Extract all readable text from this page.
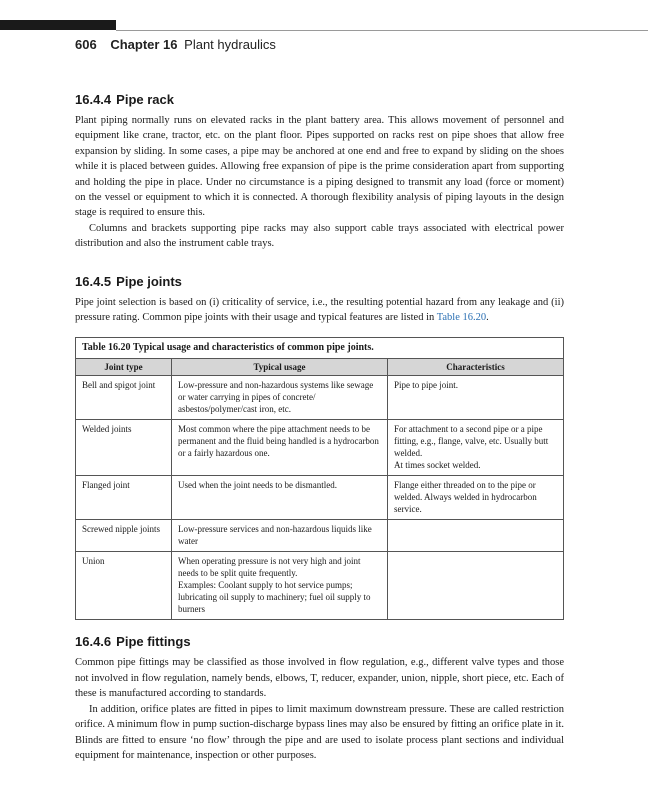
606 Chapter 16 Plant hydraulics
16.4.4 Pipe rack

Plant piping normally runs on elevated racks in the plant battery area. This allows movement of personnel and equipment like crane, tractor, etc. on the plant floor. Pipes supported on racks rest on pipe shoes that allow free expansion by sliding. In some cases, a pipe may be anchored at one end and free to expand by sliding on the shoes while it is placed between guides. Allowing free expansion of pipe is the prime consideration apart from supporting and holding the pipe in place. Under no circumstance is a piping designed to transmit any load (force or moment) on the vessel or equipment to which it is connected. A thorough flexibility analysis of piping layouts in the design stage is required to ensure this.

Columns and brackets supporting pipe racks may also support cable trays associated with electrical power distribution and also the instrument cable trays.

16.4.5 Pipe joints

Pipe joint selection is based on (i) criticality of service, i.e., the resulting potential hazard from any leakage and (ii) pressure rating. Common pipe joints with their usage and typical features are listed in Table 16.20.

Table 16.20 Typical usage and characteristics of common pipe joints.
Joint type	Typical usage	Characteristics
Bell and spigot joint	Low-pressure and non-hazardous systems like sewage or water carrying in pipes of concrete/ asbestos/polymer/cast iron, etc.	Pipe to pipe joint.
Welded joints	Most common where the pipe attachment needs to be permanent and the fluid being handled is a hydrocarbon or a fairly hazardous one.	For attachment to a second pipe or a pipe fitting, e.g., flange, valve, etc. Usually butt welded.
At times socket welded.

Flanged joint	Used when the joint needs to be dismantled.	Flange either threaded on to the pipe or welded. Always welded in hydrocarbon service.
Screwed nipple joints	Low-pressure services and non-hazardous liquids like water	
Union	When operating pressure is not very high and joint needs to be split quite frequently.
Examples: Coolant supply to hot service pumps; lubricating oil supply to machinery; fuel oil supply to burners	

16.4.6 Pipe fittings

Common pipe fittings may be classified as those involved in flow regulation, e.g., different valve types and those not involved in flow regulation, namely bends, elbows, T, reducer, expander, union, nipple, short piece, etc. Each of these is manufactured according to standards.

In addition, orifice plates are fitted in pipes to limit maximum downstream pressure. These are called restriction orifice. A minimum flow in pump suction-discharge bypass lines may also be ensured by fitting an orifice plate in it. Blinds are fitted to ensure ‘no flow’ through the pipe and are used to isolate process plant sections and individual equipment for maintenance, inspection or other purposes.
